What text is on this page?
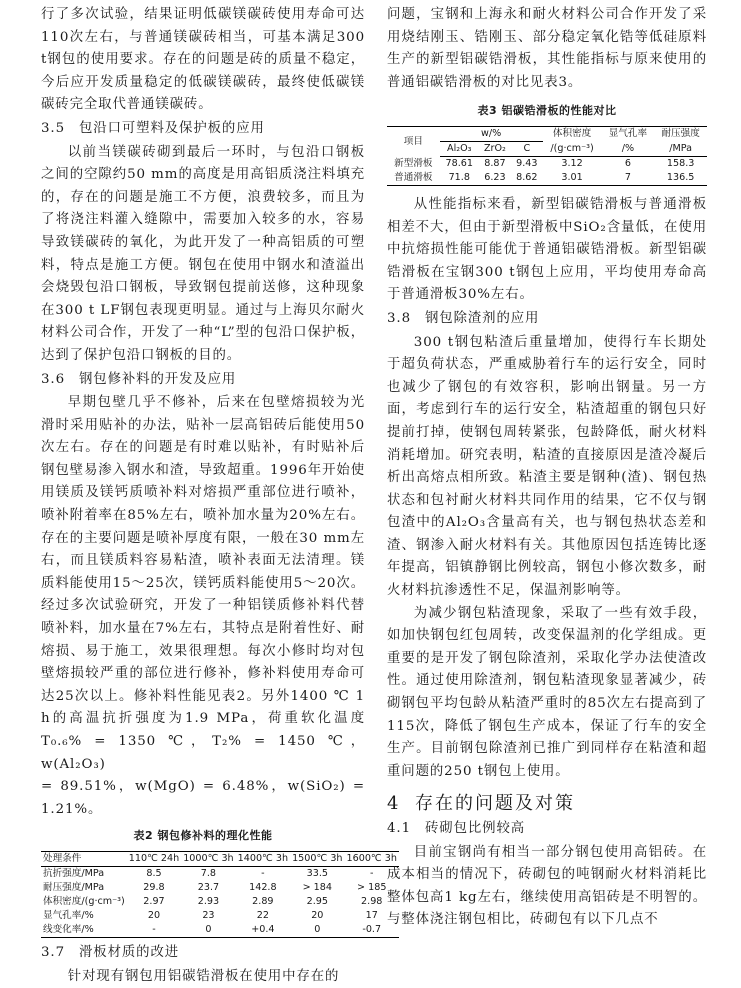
行了多次试验，结果证明低碳镁碳砖使用寿命可达110次左右，与普通镁碳砖相当，可基本满足300 t钢包的使用要求。存在的问题是砖的质量不稳定，今后应开发质量稳定的低碳镁碳砖，最终使低碳镁碳砖完全取代普通镁碳砖。

3.5 包沿口可塑料及保护板的应用

以前当镁碳砖砌到最后一环时，与包沿口钢板之间的空隙约50 mm的高度是用高铝质浇注料填充的，存在的问题是施工不方便，浪费较多，而且为了将浇注料灌入缝隙中，需要加入较多的水，容易导致镁碳砖的氧化，为此开发了一种高铝质的可塑料，特点是施工方便。钢包在使用中钢水和渣溢出会烧毁包沿口钢板，导致钢包提前送修，这种现象在300 t LF钢包表现更明显。通过与上海贝尔耐火材料公司合作，开发了一种“L”型的包沿口保护板，达到了保护包沿口钢板的目的。

3.6 钢包修补料的开发及应用

早期包壁几乎不修补，后来在包壁熔损较为光滑时采用贴补的办法，贴补一层高铝砖后能使用50次左右。存在的问题是有时难以贴补，有时贴补后钢包壁易渗入钢水和渣，导致超重。1996年开始使用镁质及镁钙质喷补料对熔损严重部位进行喷补，喷补附着率在85%左右，喷补加水量为20%左右。存在的主要问题是喷补厚度有限，一般在30 mm左右，而且镁质料容易粘渣，喷补表面无法清理。镁质料能使用15～25次，镁钙质料能使用5～20次。经过多次试验研究，开发了一种铝镁质修补料代替喷补料，加水量在7%左右，其特点是附着性好、耐熔损、易于施工，效果很理想。每次小修时均对包壁熔损较严重的部位进行修补，修补料使用寿命可达25次以上。修补料性能见表2。另外1400 ℃ 1 h的高温抗折强度为1.9 MPa，荷重软化温度 T₀.₆% = 1350 ℃，T₂% = 1450 ℃，w(Al₂O₃)
= 89.51%，w(MgO) = 6.48%，w(SiO₂) = 1.21%。

表2 钢包修补料的理化性能
处理条件	110℃ 24h	1000℃ 3h	1400℃ 3h	1500℃ 3h	1600℃ 3h
抗折强度/MPa	8.5	7.8	-	33.5	-
耐压强度/MPa	29.8	23.7	142.8	> 184	> 185
体积密度/(g·cm⁻³)	2.97	2.93	2.89	2.95	2.98
显气孔率/%	20	23	22	20	17
线变化率/%	-	0	+0.4	0	-0.7
3.7 滑板材质的改进

针对现有钢包用铝碳锆滑板在使用中存在的

问题，宝钢和上海永和耐火材料公司合作开发了采用烧结刚玉、锆刚玉、部分稳定氧化锆等低硅原料生产的新型铝碳锆滑板，其性能指标与原来使用的普通铝碳锆滑板的对比见表3。

表3 铝碳锆滑板的性能对比
项目	w/%			体积密度	显气孔率	耐压强度
	Al₂O₃	ZrO₂	C	/(g·cm⁻³)	/%	/MPa
新型滑板	78.61	8.87	9.43	3.12	6	158.3
普通滑板	71.8	6.23	8.62	3.01	7	136.5

从性能指标来看，新型铝碳锆滑板与普通滑板相差不大，但由于新型滑板中SiO₂含量低，在使用中抗熔损性能可能优于普通铝碳锆滑板。新型铝碳锆滑板在宝钢300 t钢包上应用，平均使用寿命高于普通滑板30%左右。

3.8 钢包除渣剂的应用

300 t钢包粘渣后重量增加，使得行车长期处于超负荷状态，严重威胁着行车的运行安全，同时也减少了钢包的有效容积，影响出钢量。另一方面，考虑到行车的运行安全，粘渣超重的钢包只好提前打掉，使钢包周转紧张，包龄降低，耐火材料消耗增加。研究表明，粘渣的直接原因是渣冷凝后析出高熔点相所致。粘渣主要是钢种(渣)、钢包热状态和包衬耐火材料共同作用的结果，它不仅与钢包渣中的Al₂O₃含量高有关，也与钢包热状态差和渣、钢渗入耐火材料有关。其他原因包括连铸比逐年提高，铝镇静钢比例较高，钢包小修次数多，耐火材料抗渗透性不足，保温剂影响等。

为减少钢包粘渣现象，采取了一些有效手段，如加快钢包红包周转，改变保温剂的化学组成。更重要的是开发了钢包除渣剂，采取化学办法使渣改性。通过使用除渣剂，钢包粘渣现象显著减少，砖砌钢包平均包龄从粘渣严重时的85次左右提高到了115次，降低了钢包生产成本，保证了行车的安全生产。目前钢包除渣剂已推广到同样存在粘渣和超重问题的250 t钢包上使用。

4 存在的问题及对策
4.1 砖砌包比例较高

目前宝钢尚有相当一部分钢包使用高铝砖。在成本相当的情况下，砖砌包的吨钢耐火材料消耗比整体包高1 kg左右，继续使用高铝砖是不明智的。与整体浇注钢包相比，砖砌包有以下几点不
